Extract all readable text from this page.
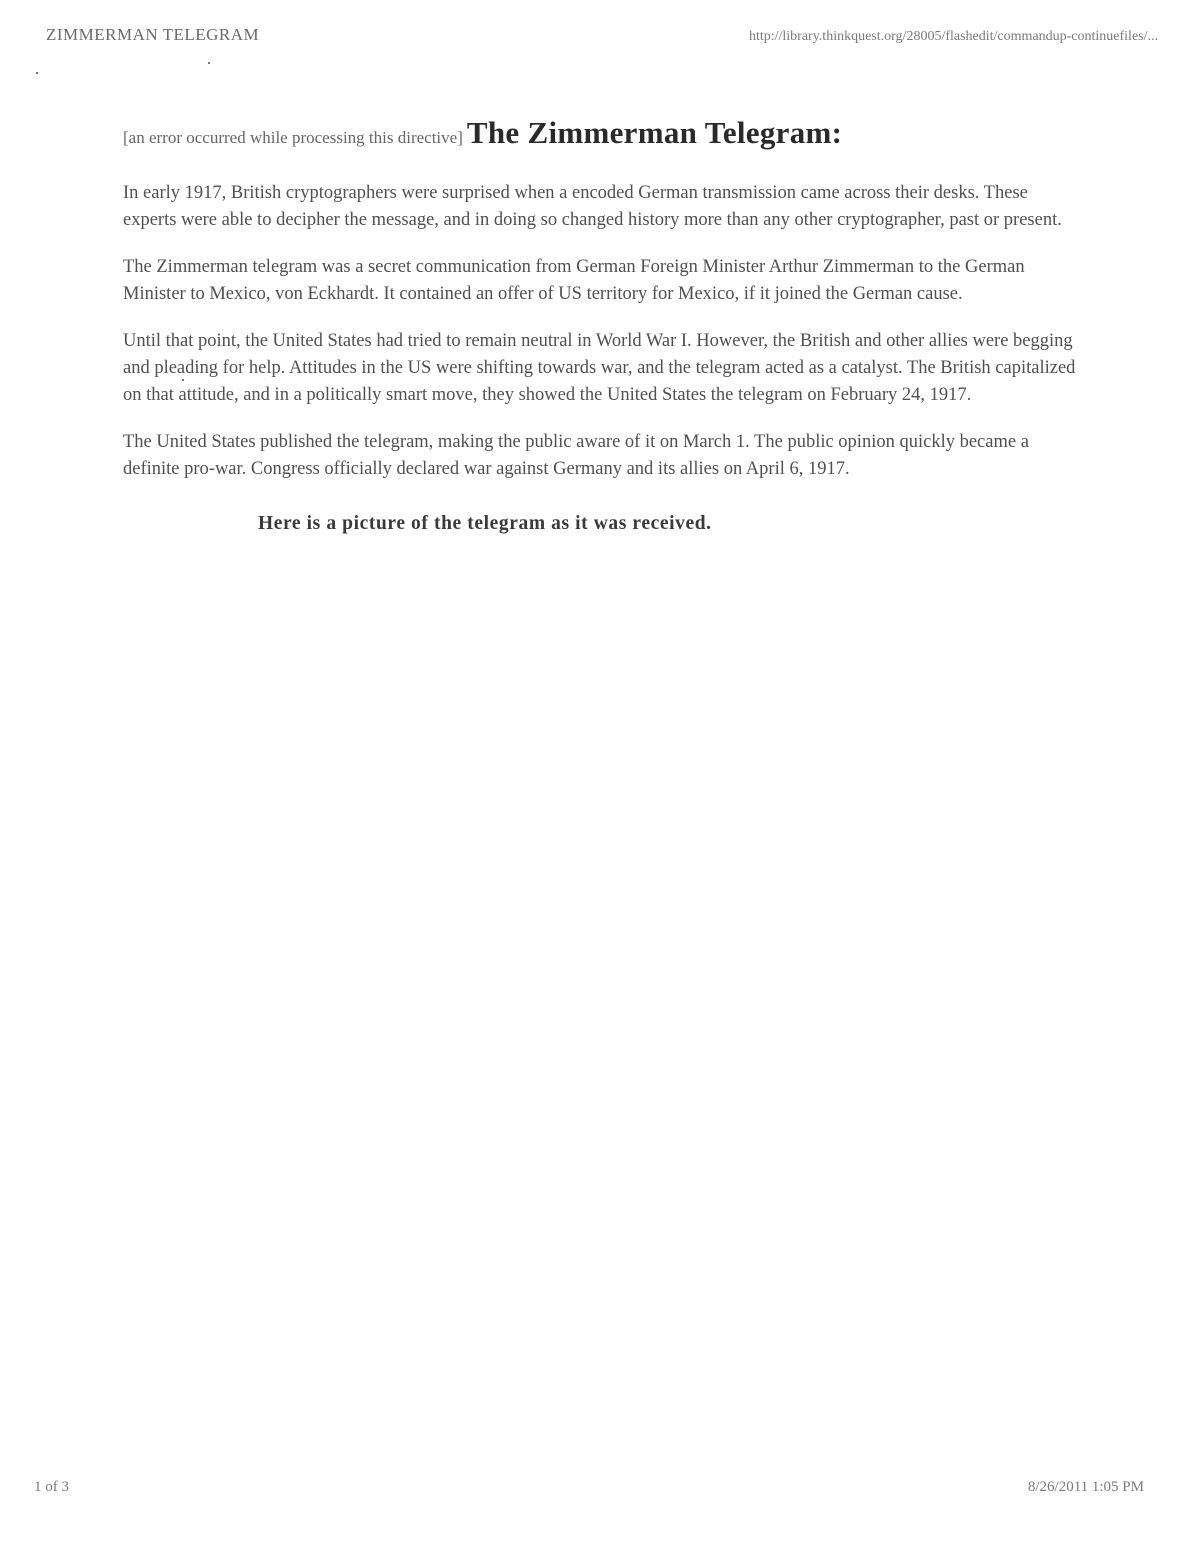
ZIMMERMAN TELEGRAM	http://library.thinkquest.org/28005/flashedit/commandup-continuefiles/...
[an error occurred while processing this directive] The Zimmerman Telegram:

In early 1917, British cryptographers were surprised when a encoded German transmission came across their desks. These experts were able to decipher the message, and in doing so changed history more than any other cryptographer, past or present.

The Zimmerman telegram was a secret communication from German Foreign Minister Arthur Zimmerman to the German Minister to Mexico, von Eckhardt. It contained an offer of US territory for Mexico, if it joined the German cause.

Until that point, the United States had tried to remain neutral in World War I. However, the British and other allies were begging and pleading for help. Attitudes in the US were shifting towards war, and the telegram acted as a catalyst. The British capitalized on that attitude, and in a politically smart move, they showed the United States the telegram on February 24, 1917.

The United States published the telegram, making the public aware of it on March 1. The public opinion quickly became a definite pro-war. Congress officially declared war against Germany and its allies on April 6, 1917.

Here is a picture of the telegram as it was received.
1 of 3	8/26/2011 1:05 PM
